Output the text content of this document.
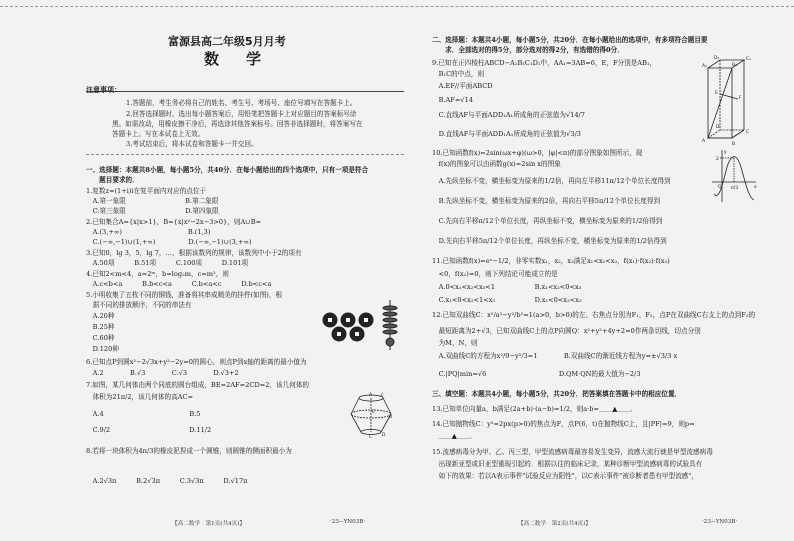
富源县高二年级5月月考
数　学
注意事项：
1.答题前，考生务必将自己的姓名、考生号、考场号、座位号填写在答题卡上。
2.回答选择题时，选出每小题答案后，用铅笔把答题卡上对应题目的答案标号涂
黑。如需改动，用橡皮擦干净后，再选涂其他答案标号。回答非选择题时，将答案写在
答题卡上。写在本试卷上无效。
3.考试结束后，将本试卷和答题卡一并交回。
一、选择题：本题共8小题，每小题5分，共40分．在每小题给出的四个选项中，只有一项是符合
　　题目要求的．
1.复数z=(1+i)i在复平面内对应的点位于
　A.第一象限　　　　　　　　　B.第二象限
　C.第三象限　　　　　　　　　D.第四象限
2.已知集合A={x|x>1}，B={x|x²−2x−3>0}，则A∪B=
　A.(3,+∞)　　　　　　　　　　B.(1,3)
　C.(−∞,−1)∪(1,+∞)　　　　　D.(−∞,−1)∪(3,+∞)
3.已知0，lg 3，5，lg 7，…，根据该数列的规律，该数列中小于2的项有
　A.50项　　　B.51项　　　C.100项　　　D.101项
4.已知2<m<4，a=2ᵐ，b=log₂m，c=m²，则
　A.c<b<a　　　B.b<c<a　　　C.b<a<c　　　D.b<c<a
5.小明收集了五枚不同的铜钱，准备将其串成精美的挂件(如图)，根
　据不同的排放顺序，不同的串法有
　A.20种
　B.25种
　C.60种
　D.120种
6.已知点P到圆x²−2√3x+y²−2y=0的圆心，则点P到x轴的距离的最小值为
　A.2　　　　B.√3　　　　C.√3　　　　D.√3+2
7.如图，某几何体由两个同底的圆台组成，BE=2AF=2CD=2，该几何体的
　体积为21π/2，该几何体的高AC=
　A.4　　　　　　　　　　　　　B.5
　C.9/2　　　　　　　　　　　　D.11/2
8.若将一块体积为4π/3的橡皮泥捏成一个圆锥，则圆锥的侧面积最小为
　A.2√3π　　　B.2√3π　　　C.3√3π　　　D.√17π
A
B
C D
E
F
【高二数学　第1页(共4页)】	·23−YN03B·
二、选择题：本题共4小题，每小题5分，共20分．在每小题给出的选项中，有多项符合题目要
　　求．全部选对的得5分，部分选对的得2分，有选错的得0分．
9.已知在正四棱柱ABCD−A₁B₁C₁D₁中，AA₁=3AB=6，E，F分别是AB₁，
　B₁C的中点，则
　A.EF//平面ABCD
　B.AF=√14
　C.直线AF与平面ADD₁A₁所成角的正弦值为√14/7
　D.直线AF与平面ADD₁A₁所成角的正弦值为√3/3
10.已知函数f(x)=2sin(ωx+φ)(ω>0，|φ|<π)的部分图象如图所示，现
　f(x)的图象可以由函数g(x)=2sin x的图象
　A.先纵坐标不变，横坐标变为原来的1/2倍，再向左平移11π/12个单位长度得到
　B.先纵坐标不变，横坐标变为原来的2倍，再向右平移5π/12个单位长度得到
　C.先向右平移π/12个单位长度，再纵坐标不变，横坐标变为原来的1/2倍得到
　D.先向右平移5π/12个单位长度，再纵坐标不变，横坐标变为原来的1/2倍得到
11.已知函数f(x)=eˣ−1/2，非零实数x₁，x₂，x₃满足x₁<x₂<x₃，f(x₁)·f(x₂)·f(x₃)
　<0，f(x₂)=0，则下列结论可能成立的是
　A.0<x₁<x₂<x₃<1　　　　　　B.x₁<x₂<0<x₃
　C.x₁<0<x₂<1<x₃　　　　　　D.x₁<0<x₂<x₃
12.已知双曲线C：x²/a²−y²/b²=1(a>0，b>0)的左、右焦点分别为F₁，F₂，点P在双曲线C右支上的点到F₂的
　最短距离为2+√3，已知双曲线C上的点P向圆Q：x²+y²+4y+2=0作两条切线，切点分别
　为M，N，则
　A.双曲线C的方程为x²/9−y²/3=1　　　　B.双曲线C的渐近线方程为y=±√3/3 x
　C.|PQ|min=√6　　　　　　　　　　　D.QM·QN的最大值为−2/3
三、填空题：本题共4小题，每小题5分，共20分．把答案填在答题卡中的相应位置．
13.已知单位向量a，b满足(2a+b)·(a−b)=1/2，则a·b=＿＿▲＿＿．
14.已知抛物线C：y²=2px(p>0)的焦点为F，点P(6，t)在抛物线C上，且|PF|=9，则p=
　＿＿▲＿＿．
15.流感病毒分为甲、乙、丙三型，甲型流感病毒最容易发生变异，流感大流行就是甲型流感病毒
　出现新亚型或旧亚型重现引起的．根据以往的临床记录，某种诊断甲型流感病毒的试验具有
　如下的效果：若以A表示事件"试验反应为阳性"，以C表示事件"被诊断者患有甲型流感"，
A
B
C
D
E
F
A₁	B₁
C₁
D₁
y
2
O π/3	x
【高二数学　第2页(共4页)】	·23−YN03B·
